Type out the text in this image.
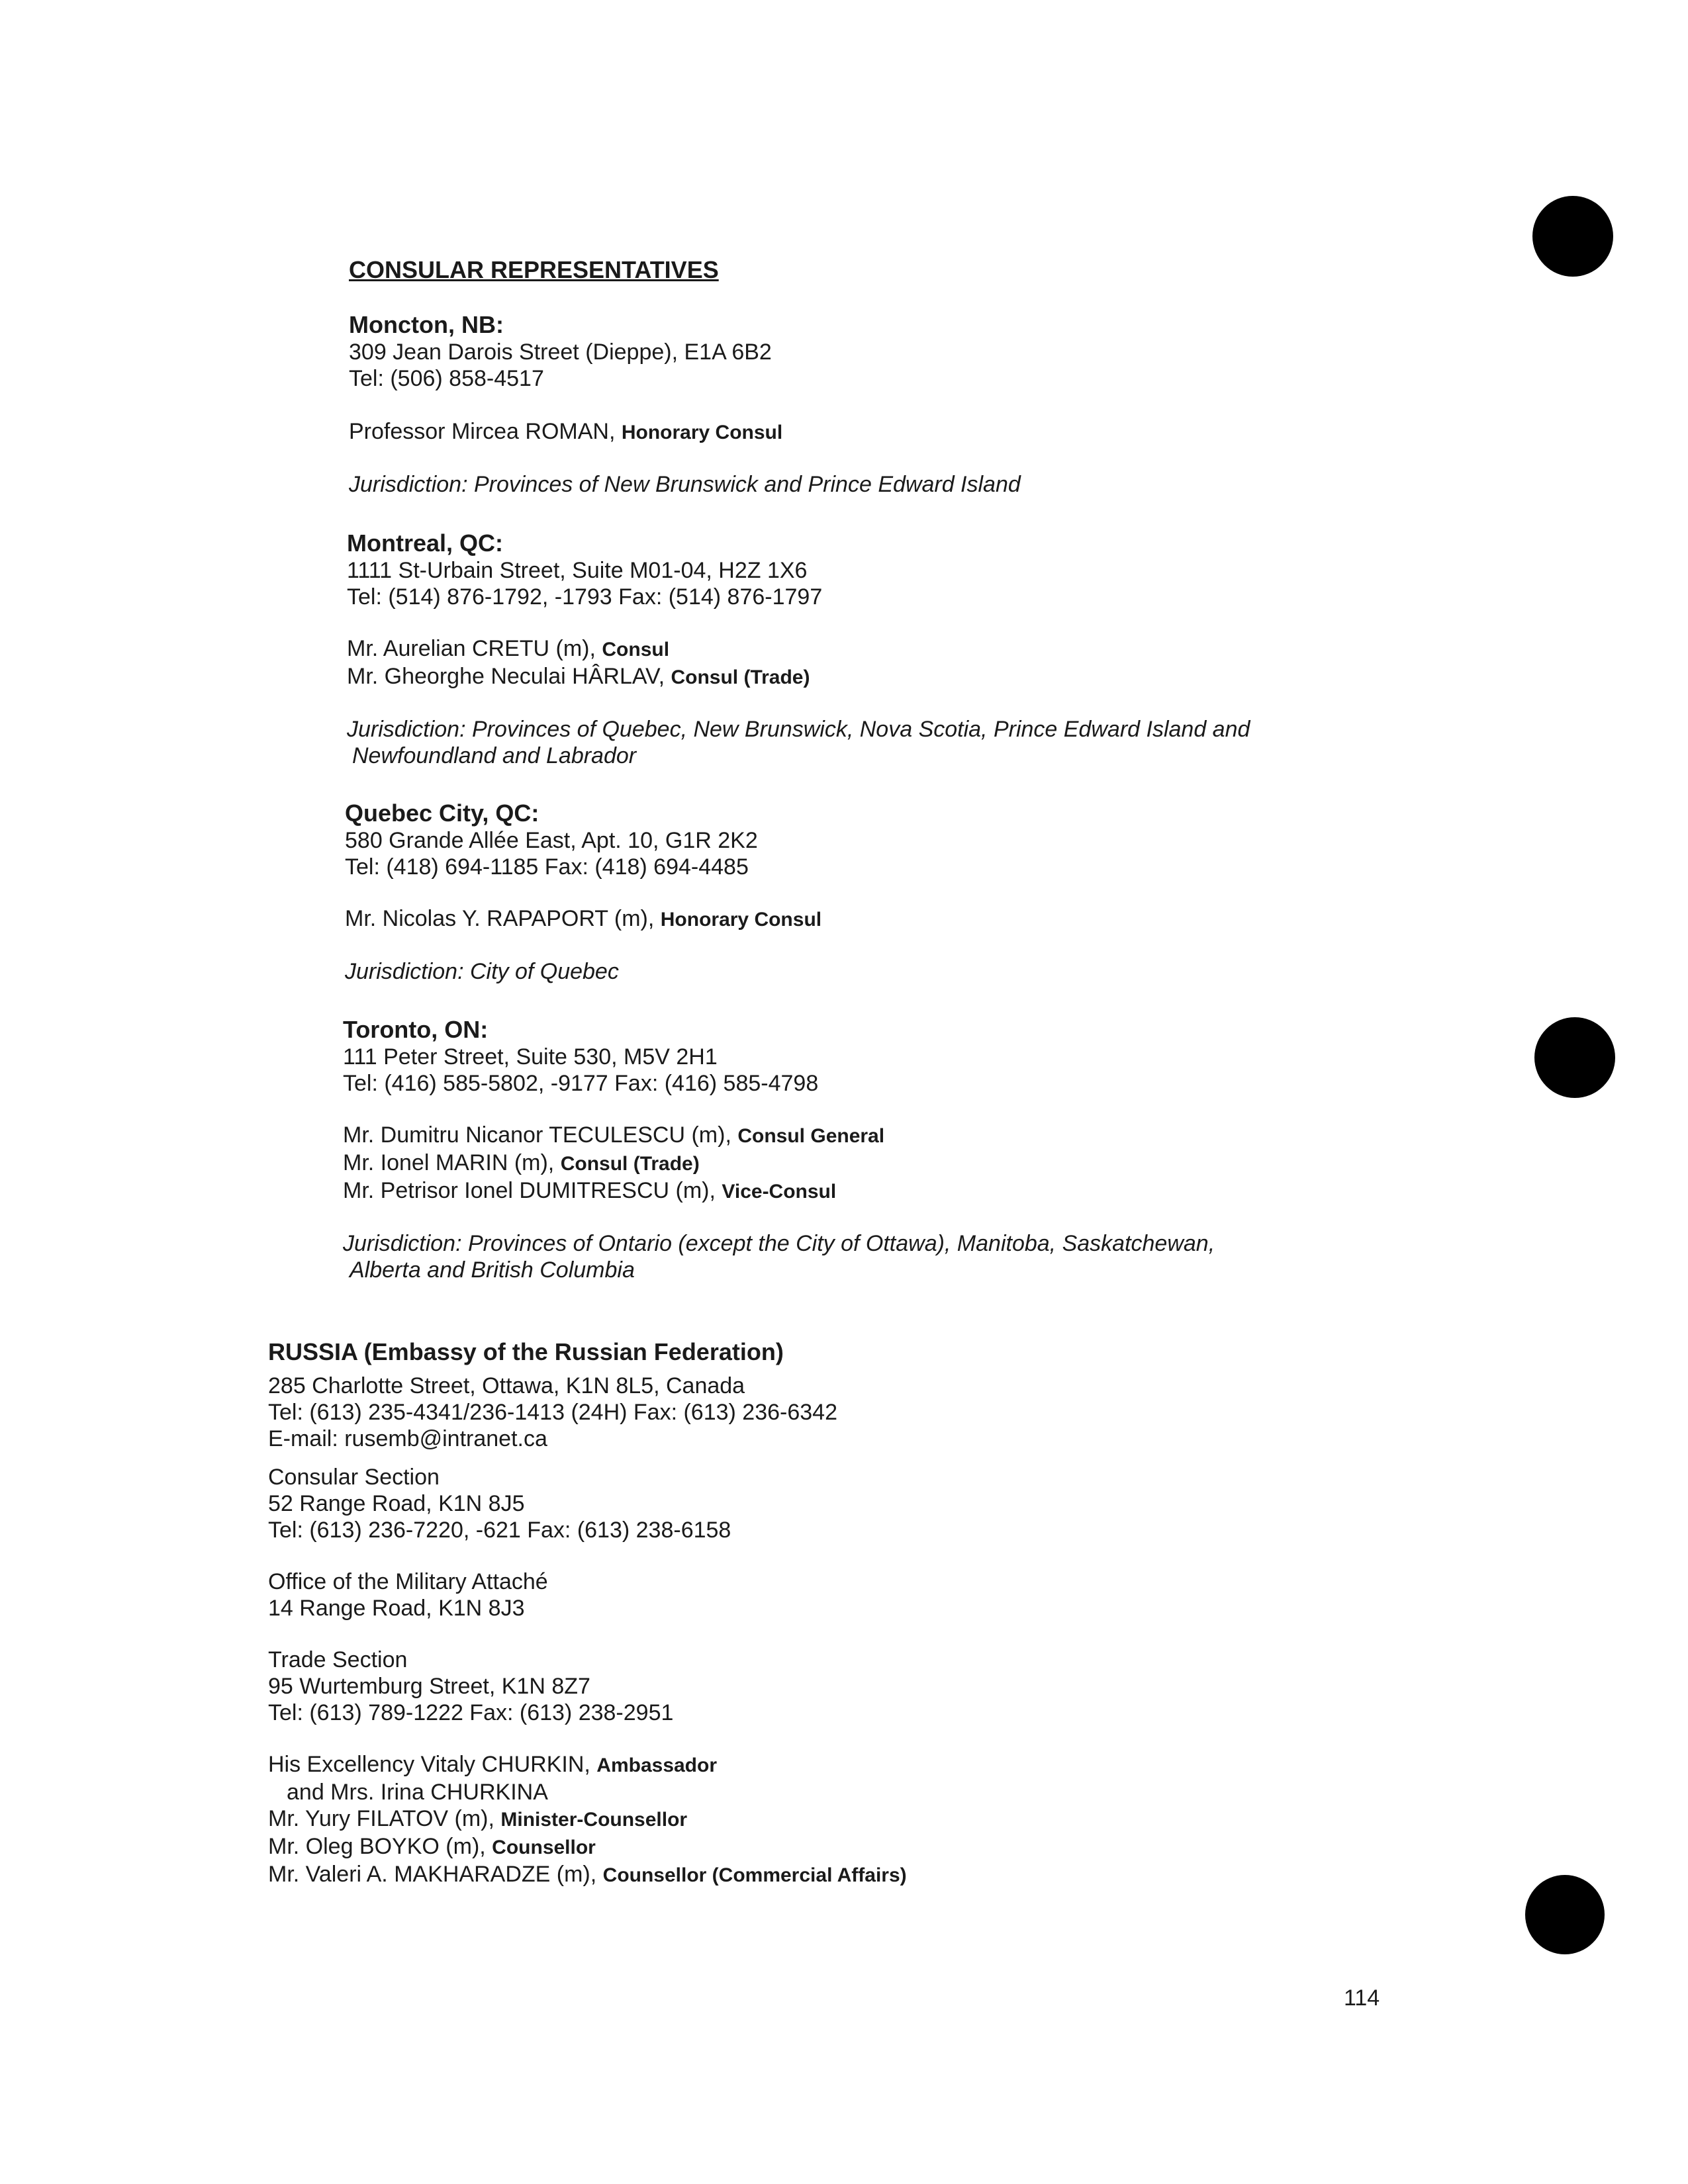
CONSULAR REPRESENTATIVES
Moncton, NB:
309 Jean Darois Street (Dieppe), E1A 6B2
Tel: (506) 858-4517
Professor Mircea ROMAN, Honorary Consul
Jurisdiction: Provinces of New Brunswick and Prince Edward Island
Montreal, QC:
1111 St-Urbain Street, Suite M01-04, H2Z 1X6
Tel: (514) 876-1792, -1793 Fax: (514) 876-1797
Mr. Aurelian CRETU (m), Consul
Mr. Gheorghe Neculai HÂRLAV, Consul (Trade)
Jurisdiction: Provinces of Quebec, New Brunswick, Nova Scotia, Prince Edward Island and
Newfoundland and Labrador
Quebec City, QC:
580 Grande Allée East, Apt. 10, G1R 2K2
Tel: (418) 694-1185 Fax: (418) 694-4485
Mr. Nicolas Y. RAPAPORT (m), Honorary Consul
Jurisdiction: City of Quebec
Toronto, ON:
111 Peter Street, Suite 530, M5V 2H1
Tel: (416) 585-5802, -9177 Fax: (416) 585-4798
Mr. Dumitru Nicanor TECULESCU (m), Consul General
Mr. Ionel MARIN (m), Consul (Trade)
Mr. Petrisor Ionel DUMITRESCU (m), Vice-Consul
Jurisdiction: Provinces of Ontario (except the City of Ottawa), Manitoba, Saskatchewan,
Alberta and British Columbia
RUSSIA (Embassy of the Russian Federation)
285 Charlotte Street, Ottawa, K1N 8L5, Canada
Tel: (613) 235-4341/236-1413 (24H) Fax: (613) 236-6342
E-mail: rusemb@intranet.ca
Consular Section
52 Range Road, K1N 8J5
Tel: (613) 236-7220, -621 Fax: (613) 238-6158
Office of the Military Attaché
14 Range Road, K1N 8J3
Trade Section
95 Wurtemburg Street, K1N 8Z7
Tel: (613) 789-1222 Fax: (613) 238-2951
His Excellency Vitaly CHURKIN, Ambassador
and Mrs. Irina CHURKINA
Mr. Yury FILATOV (m), Minister-Counsellor
Mr. Oleg BOYKO (m), Counsellor
Mr. Valeri A. MAKHARADZE (m), Counsellor (Commercial Affairs)
114
